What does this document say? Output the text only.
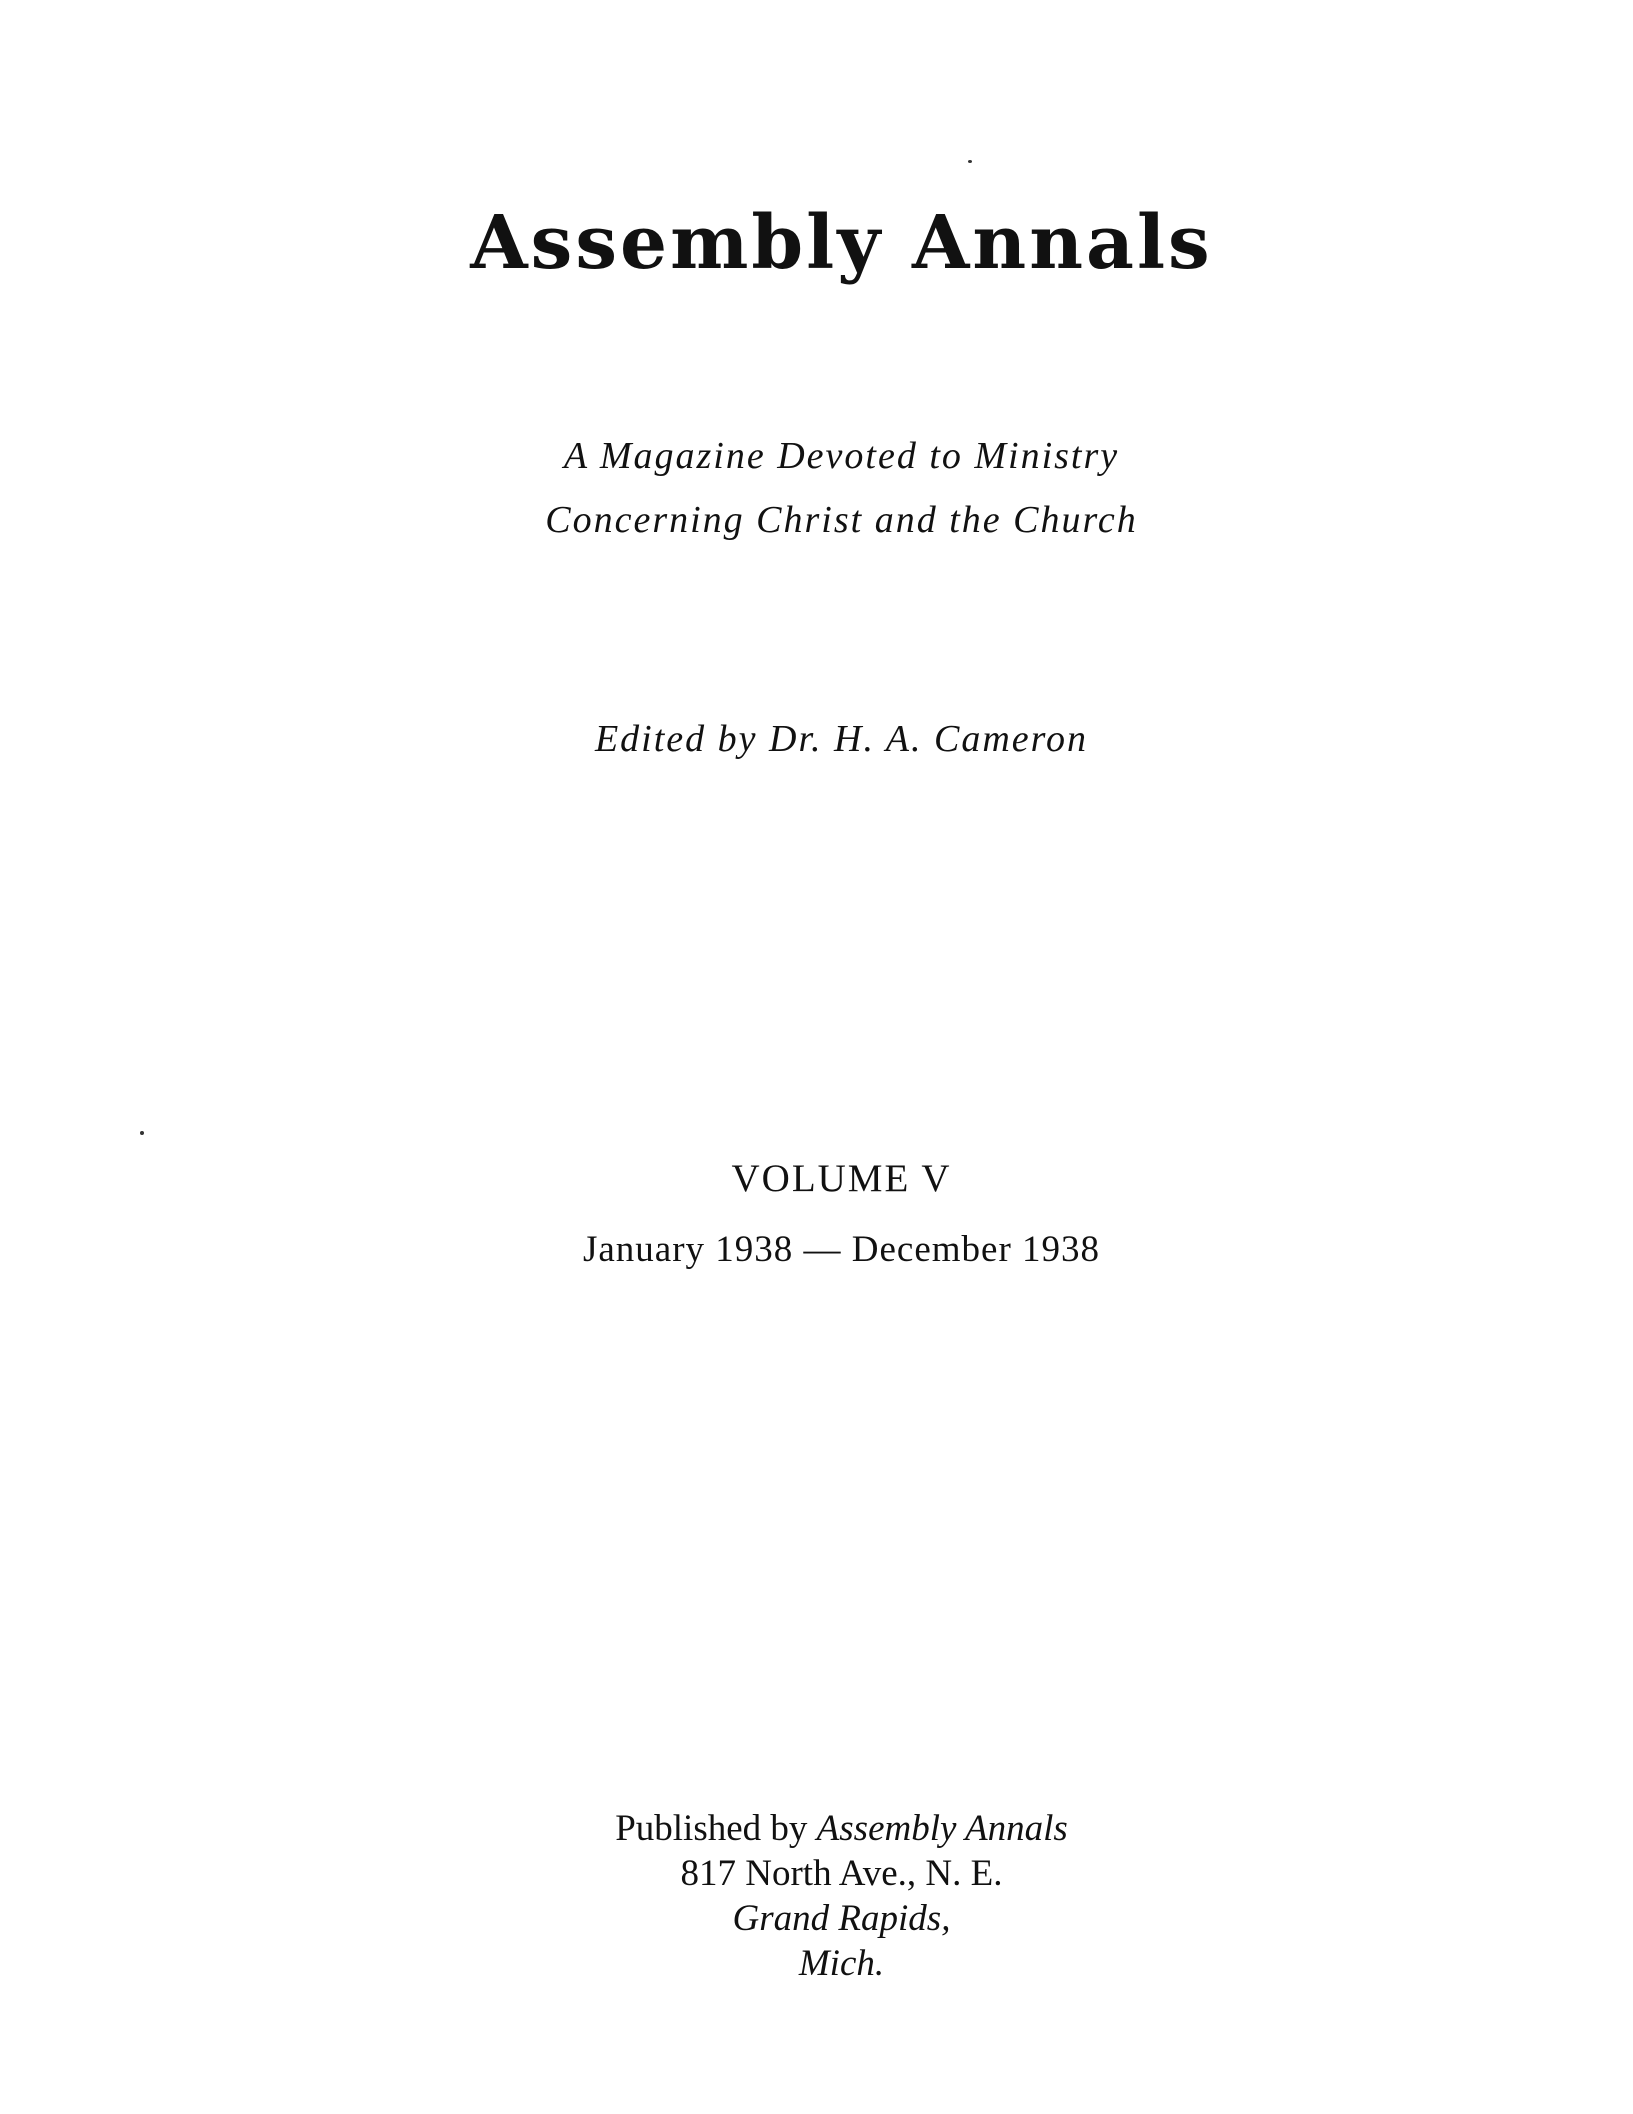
Assembly Annals
A Magazine Devoted to Ministry
Concerning Christ and the Church
Edited by Dr. H. A. Cameron
VOLUME V
January 1938 — December 1938
Published by Assembly Annals
817 North Ave., N. E.
Grand Rapids,
Mich.
